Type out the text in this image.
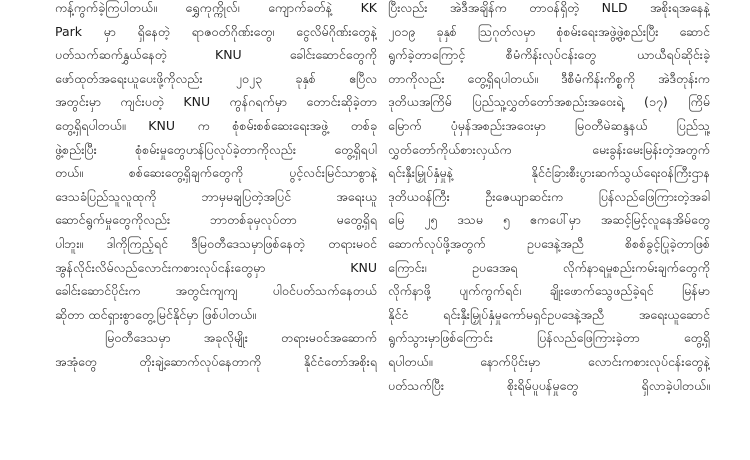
ကန့်ကွက်ခဲ့ကြပါတယ်။ ရွှေကုက္ကိုလ်၊ ကျောက်ခတ်နဲ့ KK
Park မှာ ရှိနေတဲ့ ရာဇဝတ်ဂိုဏ်းတွေ၊ ငွေလိမ်ဂိုဏ်းတွေနဲ့
ပတ်သက်ဆက်နွှယ်နေတဲ့ KNU ခေါင်းဆောင်တွေကို
ဖော်ထုတ်အရေးယူပေးဖို့ကိုလည်း ၂၀၂၃ ခုနှစ် ဧပြီလ
အတွင်းမှာ ကျင်းပတဲ့ KNU ကွန်ဂရက်မှာ တောင်းဆိုခဲ့တာ
တွေ့ရှိရပါတယ်။ KNU က စုံစမ်းစစ်ဆေးရေးအဖွဲ့ တစ်ခု
ဖွဲ့စည်းပြီး စုံစမ်းမှုတွေဟန်ပြလုပ်ခဲ့တာကိုလည်း တွေ့ရှိရပါ
တယ်။ စစ်ဆေးတွေ့ရှိချက်တွေကို ပွင့်လင်းမြင်သာစွာနဲ့
ဒေသခံပြည်သူလူထုကို ဘာမှမချပြတဲ့အပြင် အရေးယူ
ဆောင်ရွက်မှုတွေကိုလည်း ဘာတစ်ခုမှလုပ်တာ မတွေ့ရှိရ
ပါဘူး။ ဒါကိုကြည့်ရင် ဒီမြဝတီဒေသမှာဖြစ်နေတဲ့ တရားမဝင်
အွန်လိုင်းလိမ်လည်လောင်းကစားလုပ်ငန်းတွေမှာ KNU
ခေါင်းဆောင်ပိုင်းက အတွင်းကျကျ ပါဝင်ပတ်သက်နေတယ်
ဆိုတာ ထင်ရှားစွာတွေ့မြင်နိုင်မှာ ဖြစ်ပါတယ်။
မြဝတီဒေသမှာ အခုလိုမျိုး တရားမဝင်အဆောက်
အအုံတွေ တိုးချဲ့ဆောက်လုပ်နေတာကို နိုင်ငံတော်အစိုးရ
ပြီးလည်း အဲဒီအချိန်က တာဝန်ရှိတဲ့ NLD အစိုးရအနေနဲ့
၂၀၁၉ ခုနှစ် ဩဂုတ်လမှာ စုံစမ်းရေးအဖွဲ့ဖွဲ့စည်းပြီး ဆောင်
ရွက်ခဲ့တာကြောင့် စီမံကိန်းလုပ်ငန်းတွေ ယာယီရပ်ဆိုင်းခဲ့
တာကိုလည်း တွေ့ရှိရပါတယ်။ ဒီစီမံကိန်းကိစ္စကို အဲဒီတုန်းက
ဒုတိယအကြိမ် ပြည်သူ့လွှတ်တော်အစည်းအဝေးရဲ့ (၁၇) ကြိမ်
မြောက် ပုံမှန်အစည်းအဝေးမှာ မြဝတီမဲဆန္ဒနယ် ပြည်သူ့
လွှတ်တော်ကိုယ်စားလှယ်က မေးခွန်းမေးမြန်းတဲ့အတွက်
ရင်းနှီးမြှုပ်နှံမှုနဲ့ နိုင်ငံခြားစီးပွားဆက်သွယ်ရေးဝန်ကြီးဌာန
ဒုတိယဝန်ကြီး ဦးဇေယျာဆင်းက ပြန်လည်ဖြေကြားတဲ့အခါ
မြေ ၂၅ ဒသမ ၅ ဧကပေါ်မှာ အဆင့်မြင့်လူနေအိမ်တွေ
ဆောက်လုပ်ဖို့အတွက် ဥပဒေနဲ့အညီ စိစစ်ခွင့်ပြုခဲ့တာဖြစ်
ကြောင်း၊ ဥပဒေအရ လိုက်နာရမှုစည်းကမ်းချက်တွေကို
လိုက်နာဖို့ ပျက်ကွက်ရင်၊ ချိုးဖောက်သွေဖည်ခဲ့ရင် မြန်မာ
နိုင်ငံ ရင်းနှီးမြှုပ်နှံမှုကော်မရှင်ဥပဒေနဲ့အညီ အရေးယူဆောင်
ရွက်သွားမှာဖြစ်ကြောင်း ပြန်လည်ဖြေကြားခဲ့တာ တွေ့ရှိ
ရပါတယ်။ နောက်ပိုင်းမှာ လောင်းကစားလုပ်ငန်းတွေနဲ့
ပတ်သက်ပြီး စိုးရိမ်ပူပန်မှုတွေ ရှိလာခဲ့ပါတယ်။
